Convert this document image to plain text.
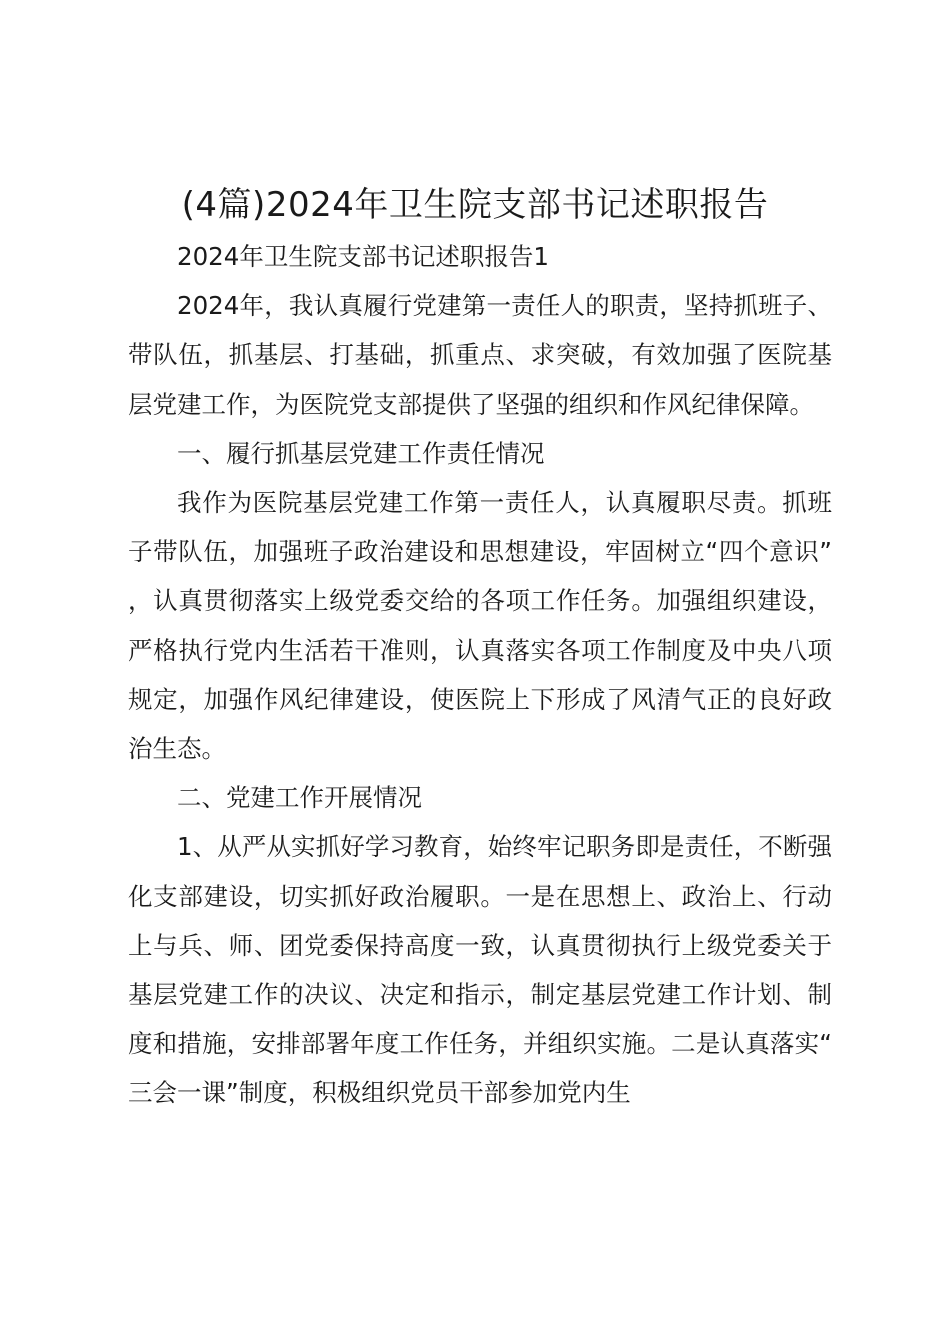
(4篇)2024年卫生院支部书记述职报告

2024年卫生院支部书记述职报告1

2024年，我认真履行党建第一责任人的职责，坚持抓班子、带队伍，抓基层、打基础，抓重点、求突破，有效加强了医院基层党建工作，为医院党支部提供了坚强的组织和作风纪律保障。

一、履行抓基层党建工作责任情况

我作为医院基层党建工作第一责任人，认真履职尽责。抓班子带队伍，加强班子政治建设和思想建设，牢固树立“四个意识”，认真贯彻落实上级党委交给的各项工作任务。加强组织建设，严格执行党内生活若干准则，认真落实各项工作制度及中央八项规定，加强作风纪律建设，使医院上下形成了风清气正的良好政治生态。

二、党建工作开展情况

1、从严从实抓好学习教育，始终牢记职务即是责任，不断强化支部建设，切实抓好政治履职。一是在思想上、政治上、行动上与兵、师、团党委保持高度一致，认真贯彻执行上级党委关于基层党建工作的决议、决定和指示，制定基层党建工作计划、制度和措施，安排部署年度工作任务，并组织实施。二是认真落实“三会一课”制度，积极组织党员干部参加党内生
